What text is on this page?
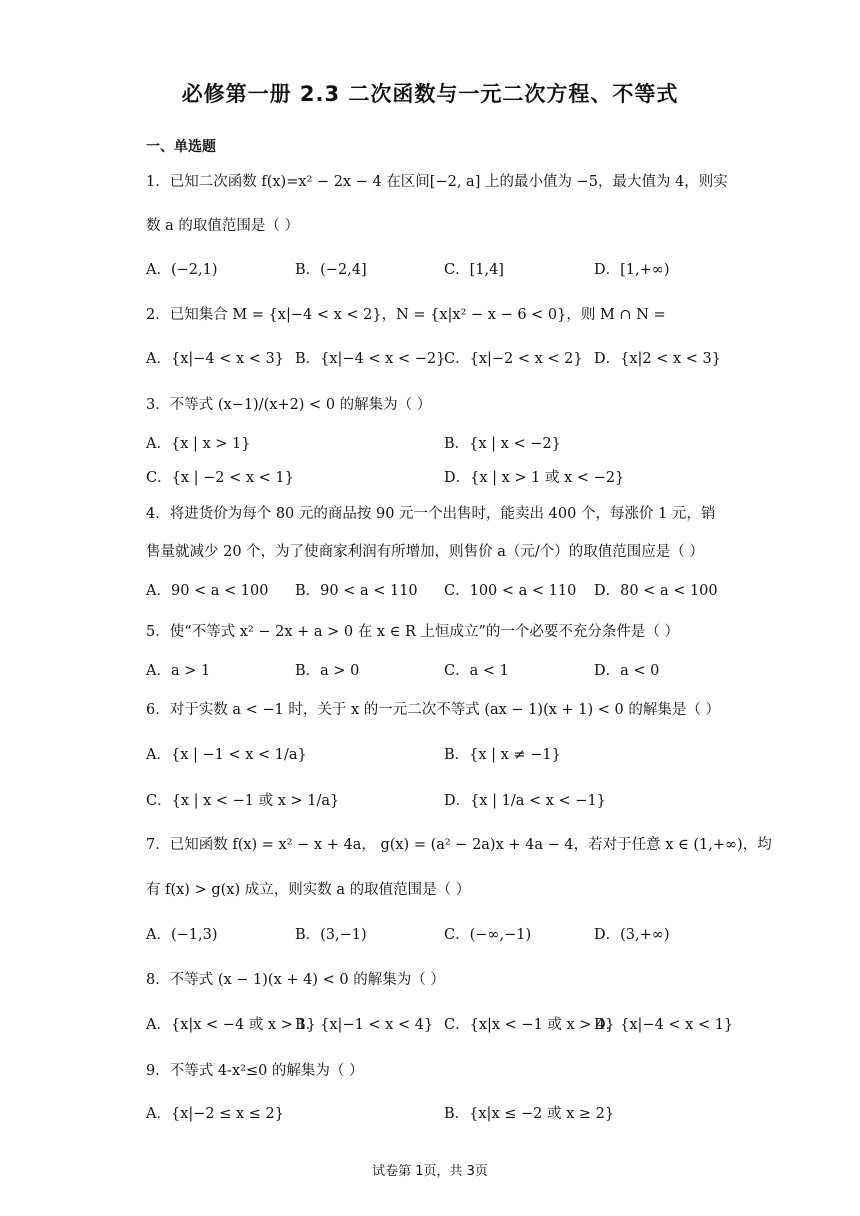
必修第一册 2.3 二次函数与一元二次方程、不等式
一、单选题
1．已知二次函数 f(x)=x² − 2x − 4 在区间[−2, a] 上的最小值为 −5，最大值为 4，则实
数 a 的取值范围是（ ）
A．(−2,1)	B．(−2,4]	C．[1,4]	D．[1,+∞)
2．已知集合 M = {x|−4 < x < 2}，N = {x|x² − x − 6 < 0}，则 M ∩ N =
A．{x|−4 < x < 3} B．{x|−4 < x < −2}
C．{x|−2 < x < 2} D．{x|2 < x < 3}
3．不等式 (x−1)/(x+2) < 0 的解集为（ ）
A．{x | x > 1}	B．{x | x < −2}
C．{x | −2 < x < 1}	D．{x | x > 1 或 x < −2}
4．将进货价为每个 80 元的商品按 90 元一个出售时，能卖出 400 个，每涨价 1 元，销
售量就减少 20 个，为了使商家利润有所增加，则售价 a（元/个）的取值范围应是（ ）
A．90 < a < 100 B．90 < a < 110 C．100 < a < 110 D．80 < a < 100
5．使“不等式 x² − 2x + a > 0 在 x ∈ R 上恒成立”的一个必要不充分条件是（ ）
A．a > 1	B．a > 0	C．a < 1	D．a < 0
6．对于实数 a < −1 时，关于 x 的一元二次不等式 (ax − 1)(x + 1) < 0 的解集是（ ）
A．{x | −1 < x < 1/a}	B．{x | x ≠ −1}
C．{x | x < −1 或 x > 1/a}	D．{x | 1/a < x < −1}
7．已知函数 f(x) = x² − x + 4a， g(x) = (a² − 2a)x + 4a − 4，若对于任意 x ∈ (1,+∞)，均
有 f(x) > g(x) 成立，则实数 a 的取值范围是（ ）
A．(−1,3)	B．(3,−1)	C．(−∞,−1)	D．(3,+∞)
8．不等式 (x − 1)(x + 4) < 0 的解集为（ ）
A．{x|x < −4 或 x > 1}
B．{x|−1 < x < 4} C．{x|x < −1 或 x > 4}
D．{x|−4 < x < 1}
9．不等式 4-x²≤0 的解集为（ ）
A．{x|−2 ≤ x ≤ 2}	B．{x|x ≤ −2 或 x ≥ 2}
试卷第 1页，共 3页
